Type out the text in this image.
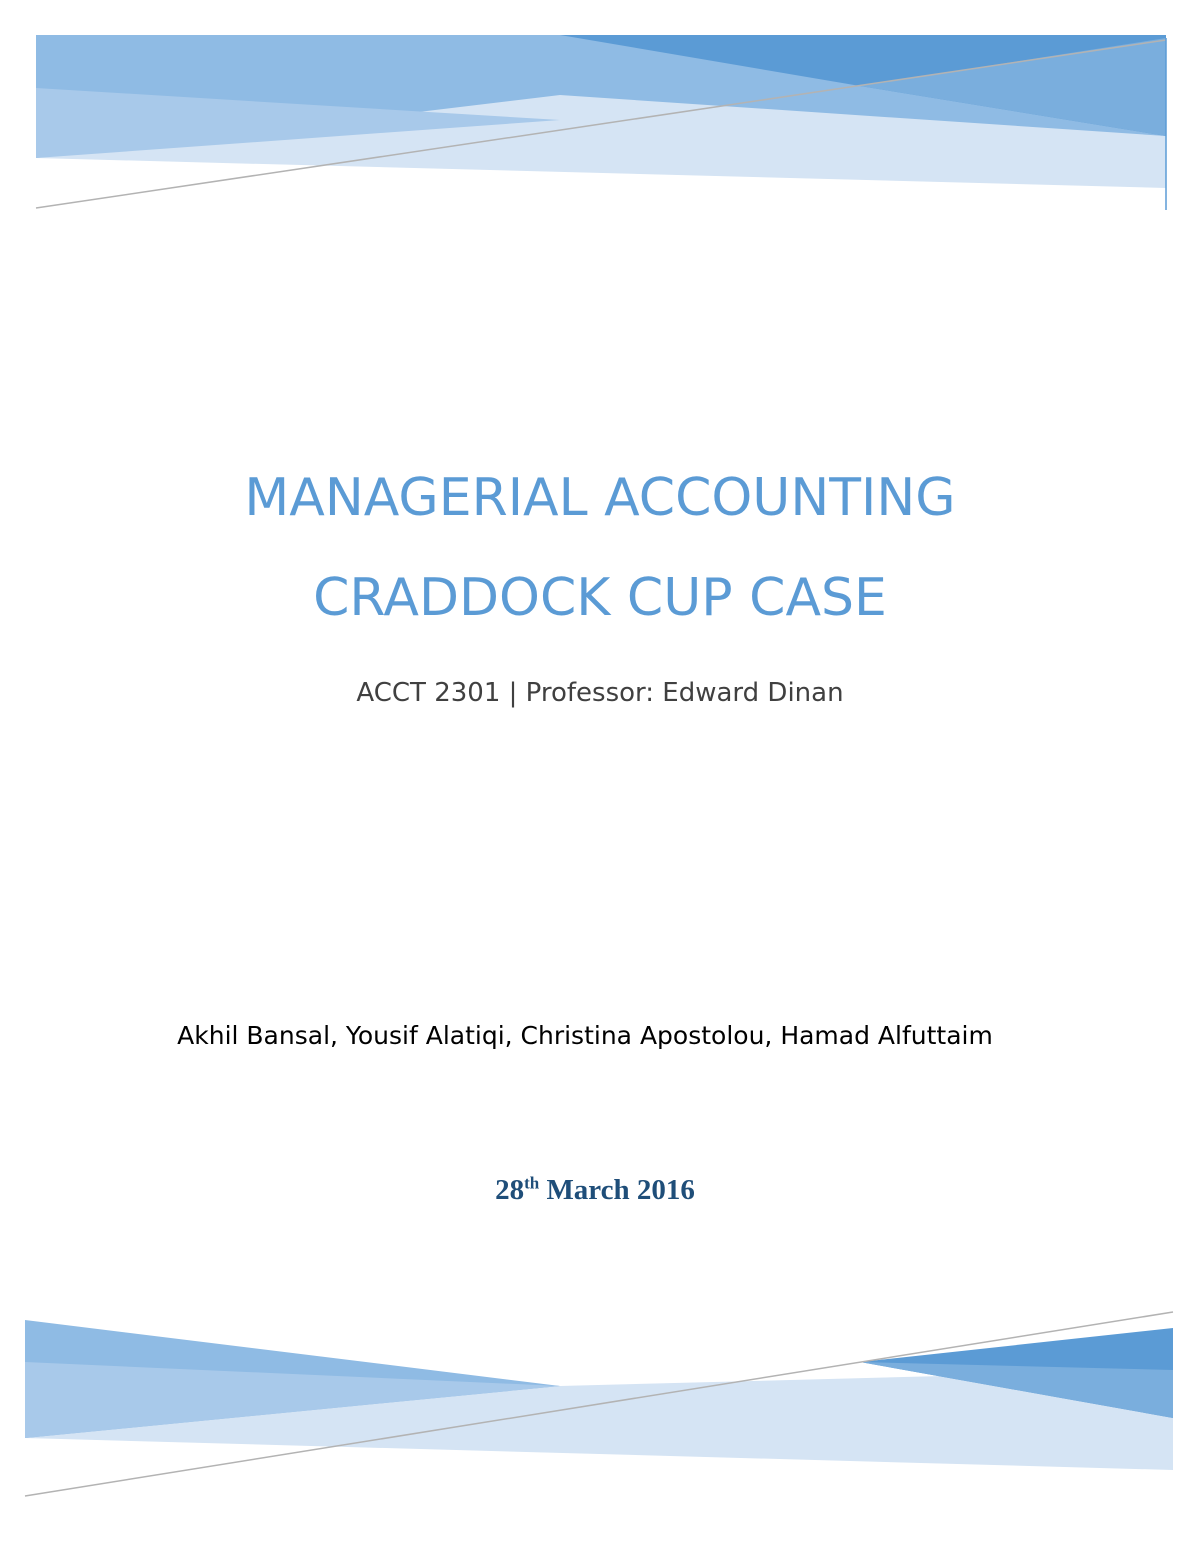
MANAGERIAL ACCOUNTING
CRADDOCK CUP CASE
ACCT 2301 | Professor: Edward Dinan
Akhil Bansal, Yousif Alatiqi, Christina Apostolou, Hamad Alfuttaim
28th March 2016
